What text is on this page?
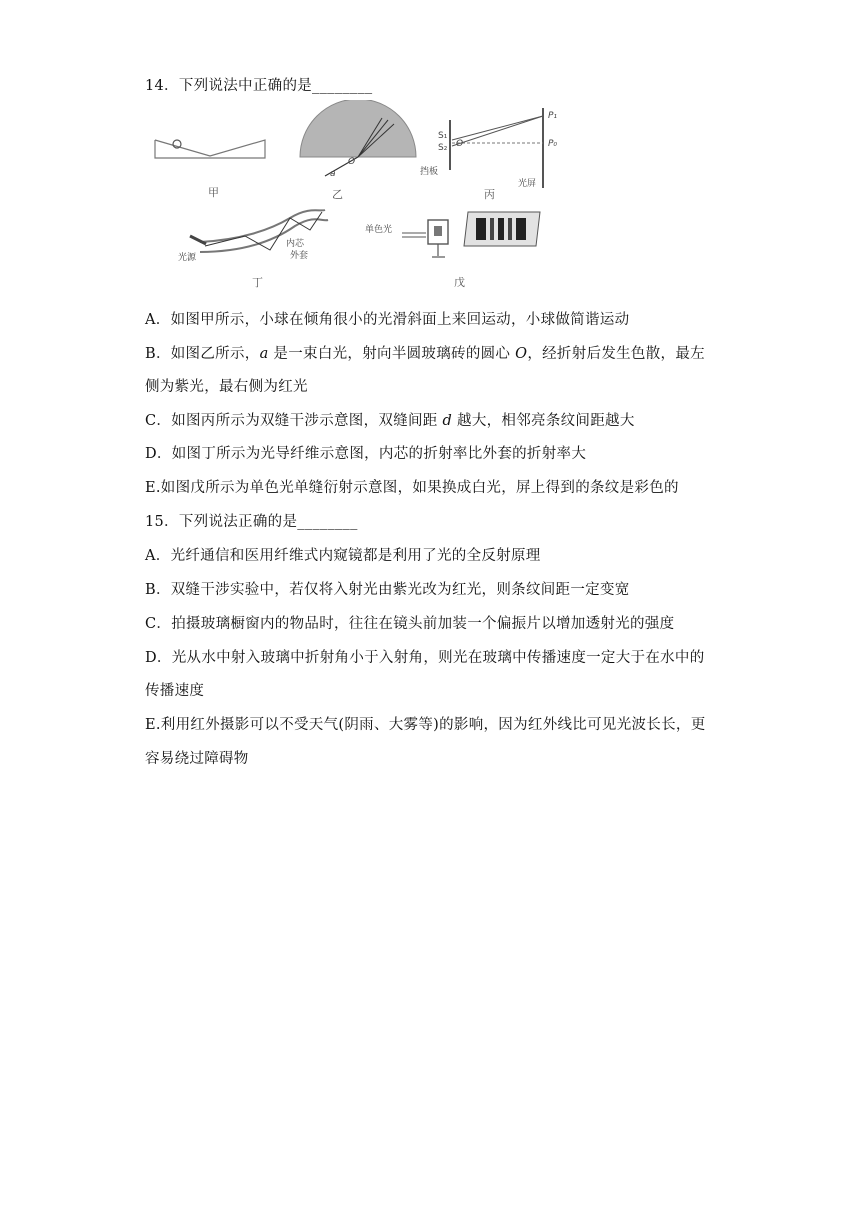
14．下列说法中正确的是________
甲
a
O
乙
S₁
S₂ O
P₁
P₀
挡板
光屏
丙
光源
内芯
外套
丁
单色光
戊
A．如图甲所示，小球在倾角很小的光滑斜面上来回运动，小球做简谐运动
B．如图乙所示，a 是一束白光，射向半圆玻璃砖的圆心 O，经折射后发生色散，最左
侧为紫光，最右侧为红光
C．如图丙所示为双缝干涉示意图，双缝间距 d 越大，相邻亮条纹间距越大
D．如图丁所示为光导纤维示意图，内芯的折射率比外套的折射率大
E.如图戊所示为单色光单缝衍射示意图，如果换成白光，屏上得到的条纹是彩色的
15．下列说法正确的是________
A．光纤通信和医用纤维式内窥镜都是利用了光的全反射原理
B．双缝干涉实验中，若仅将入射光由紫光改为红光，则条纹间距一定变宽
C．拍摄玻璃橱窗内的物品时，往往在镜头前加装一个偏振片以增加透射光的强度
D．光从水中射入玻璃中折射角小于入射角，则光在玻璃中传播速度一定大于在水中的
传播速度
E.利用红外摄影可以不受天气(阴雨、大雾等)的影响，因为红外线比可见光波长长，更
容易绕过障碍物
